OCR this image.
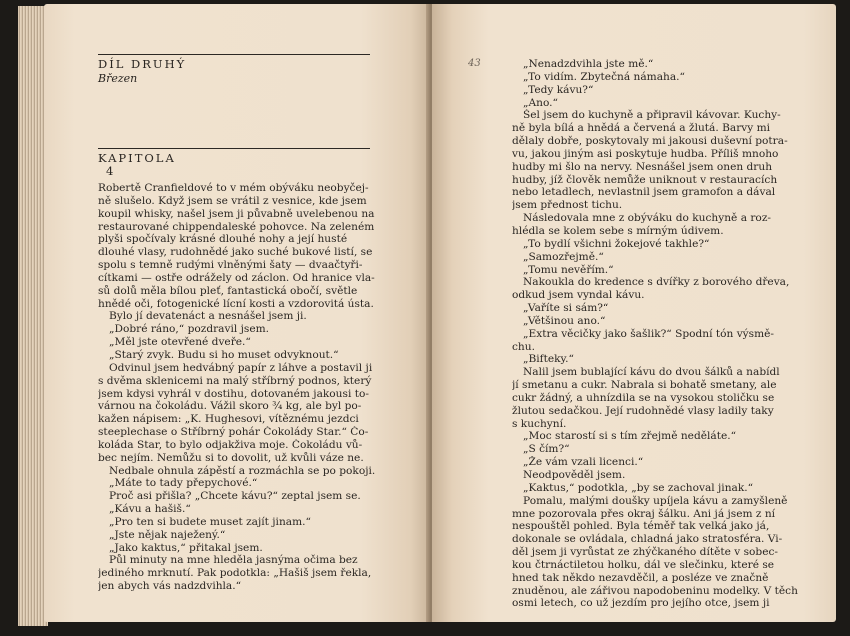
DÍL DRUHÝ
Březen
KAPITOLA
4
Robertě Cranfieldové to v mém obýváku neobyčej-
ně slušelo. Když jsem se vrátil z vesnice, kde jsem
koupil whisky, našel jsem ji půvabně uvelebenou na
restaurované chippendaleské pohovce. Na zeleném
plyši spočívaly krásné dlouhé nohy a její husté
dlouhé vlasy, rudohnědé jako suché bukové listí, se
spolu s temně rudými vlněnými šaty — dvaačtyři-
cítkami — ostře odrážely od záclon. Od hranice vla-
sů dolů měla bílou pleť, fantastická obočí, světle
hnědé oči, fotogenické lícní kosti a vzdorovitá ústa.
Bylo jí devatenáct a nesnášel jsem ji.
„Dobré ráno,“ pozdravil jsem.
„Měl jste otevřené dveře.“
„Starý zvyk. Budu si ho muset odvyknout.“
Odvinul jsem hedvábný papír z láhve a postavil ji
s dvěma sklenicemi na malý stříbrný podnos, který
jsem kdysi vyhrál v dostihu, dotovaném jakousi to-
várnou na čokoládu. Vážil skoro ¾ kg, ale byl po-
kažen nápisem: „K. Hughesovi, vítěznému jezdci
steeplechase o Stříbrný pohár Čokolády Star.“ Čo-
koláda Star, to bylo odjakživa moje. Čokoládu vů-
bec nejím. Nemůžu si to dovolit, už kvůli váze ne.
Nedbale ohnula zápěstí a rozmáchla se po pokoji.
„Máte to tady přepychové.“
Proč asi přišla? „Chcete kávu?“ zeptal jsem se.
„Kávu a hašiš.“
„Pro ten si budete muset zajít jinam.“
„Jste nějak naježený.“
„Jako kaktus,“ přitakal jsem.
Půl minuty na mne hleděla jasnýma očima bez
jediného mrknutí. Pak podotkla: „Hašiš jsem řekla,
jen abych vás nadzdvihla.“
43	„Nenadzdvihla jste mě.“
„To vidím. Zbytečná námaha.“
„Tedy kávu?“
„Ano.“
Šel jsem do kuchyně a připravil kávovar. Kuchy-
ně byla bílá a hnědá a červená a žlutá. Barvy mi
dělaly dobře, poskytovaly mi jakousi duševní potra-
vu, jakou jiným asi poskytuje hudba. Příliš mnoho
hudby mi šlo na nervy. Nesnášel jsem onen druh
hudby, jíž člověk nemůže uniknout v restauracích
nebo letadlech, nevlastnil jsem gramofon a dával
jsem přednost tichu.
Následovala mne z obýváku do kuchyně a roz-
hlédla se kolem sebe s mírným údivem.
„To bydlí všichni žokejové takhle?“
„Samozřejmě.“
„Tomu nevěřím.“
Nakoukla do kredence s dvířky z borového dřeva,
odkud jsem vyndal kávu.
„Vaříte si sám?“
„Většinou ano.“
„Extra věcičky jako šašlik?“ Spodní tón výsmě-
chu.
„Bifteky.“
Nalil jsem bublající kávu do dvou šálků a nabídl
jí smetanu a cukr. Nabrala si bohatě smetany, ale
cukr žádný, a uhnízdila se na vysokou stoličku se
žlutou sedačkou. Její rudohnědé vlasy ladily taky
s kuchyní.
„Moc starostí si s tím zřejmě neděláte.“
„S čím?“
„Že vám vzali licenci.“
Neodpověděl jsem.
„Kaktus,“ podotkla, „by se zachoval jinak.“
Pomalu, malými doušky upíjela kávu a zamyšleně
mne pozorovala přes okraj šálku. Ani já jsem z ní
nespouštěl pohled. Byla téměř tak velká jako já,
dokonale se ovládala, chladná jako stratosféra. Vi-
děl jsem ji vyrůstat ze zhýčkaného dítěte v sobec-
kou čtrnáctiletou holku, dál ve slečinku, které se
hned tak někdo nezavděčil, a posléze ve značně
znuděnou, ale zářivou napodobeninu modelky. V těch
osmi letech, co už jezdím pro jejího otce, jsem ji
